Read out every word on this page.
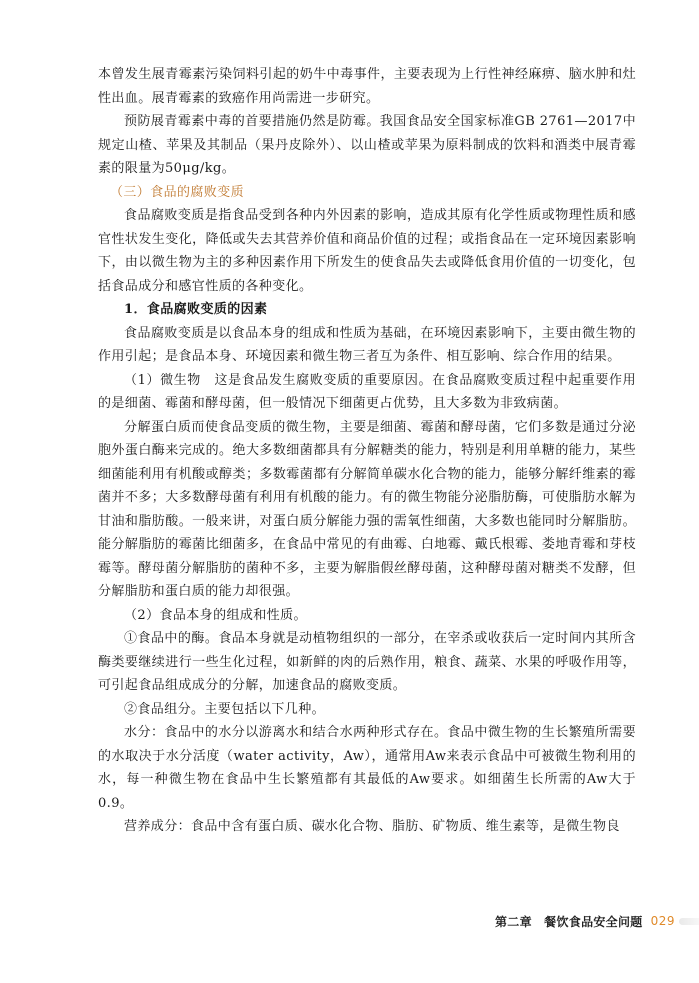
本曾发生展青霉素污染饲料引起的奶牛中毒事件，主要表现为上行性神经麻痹、脑水肿和灶性出血。展青霉素的致癌作用尚需进一步研究。

预防展青霉素中毒的首要措施仍然是防霉。我国食品安全国家标准GB 2761—2017中规定山楂、苹果及其制品（果丹皮除外）、以山楂或苹果为原料制成的饮料和酒类中展青霉素的限量为50μg/kg。

（三）食品的腐败变质

食品腐败变质是指食品受到各种内外因素的影响，造成其原有化学性质或物理性质和感官性状发生变化，降低或失去其营养价值和商品价值的过程；或指食品在一定环境因素影响下，由以微生物为主的多种因素作用下所发生的使食品失去或降低食用价值的一切变化，包括食品成分和感官性质的各种变化。

1．食品腐败变质的因素

食品腐败变质是以食品本身的组成和性质为基础，在环境因素影响下，主要由微生物的作用引起；是食品本身、环境因素和微生物三者互为条件、相互影响、综合作用的结果。

（1）微生物　这是食品发生腐败变质的重要原因。在食品腐败变质过程中起重要作用的是细菌、霉菌和酵母菌，但一般情况下细菌更占优势，且大多数为非致病菌。

分解蛋白质而使食品变质的微生物，主要是细菌、霉菌和酵母菌，它们多数是通过分泌胞外蛋白酶来完成的。绝大多数细菌都具有分解糖类的能力，特别是利用单糖的能力，某些细菌能利用有机酸或醇类；多数霉菌都有分解简单碳水化合物的能力，能够分解纤维素的霉菌并不多；大多数酵母菌有利用有机酸的能力。有的微生物能分泌脂肪酶，可使脂肪水解为甘油和脂肪酸。一般来讲，对蛋白质分解能力强的需氧性细菌，大多数也能同时分解脂肪。能分解脂肪的霉菌比细菌多，在食品中常见的有曲霉、白地霉、戴氏根霉、娄地青霉和芽枝霉等。酵母菌分解脂肪的菌种不多，主要为解脂假丝酵母菌，这种酵母菌对糖类不发酵，但分解脂肪和蛋白质的能力却很强。

（2）食品本身的组成和性质。

①食品中的酶。食品本身就是动植物组织的一部分，在宰杀或收获后一定时间内其所含酶类要继续进行一些生化过程，如新鲜的肉的后熟作用，粮食、蔬菜、水果的呼吸作用等，可引起食品组成成分的分解，加速食品的腐败变质。

②食品组分。主要包括以下几种。

水分：食品中的水分以游离水和结合水两种形式存在。食品中微生物的生长繁殖所需要的水取决于水分活度（water activity，Aw），通常用Aw来表示食品中可被微生物利用的水，每一种微生物在食品中生长繁殖都有其最低的Aw要求。如细菌生长所需的Aw大于0.9。

营养成分：食品中含有蛋白质、碳水化合物、脂肪、矿物质、维生素等，是微生物良

第二章　餐饮食品安全问题 029
